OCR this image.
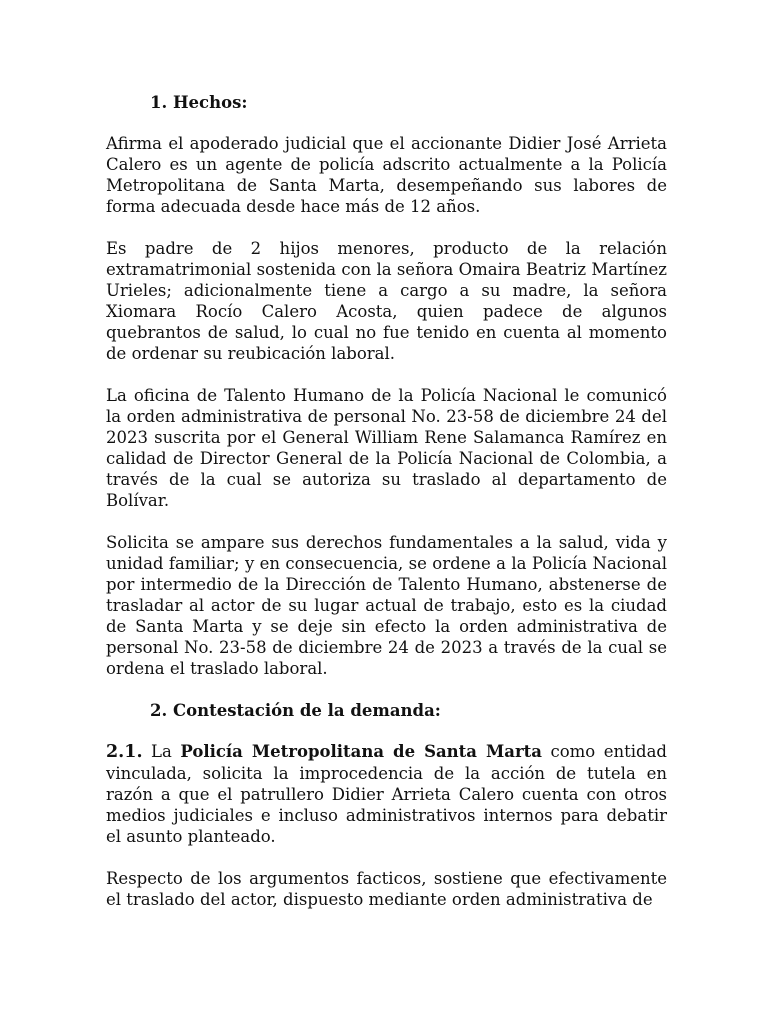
1. Hechos:
Afirma el apoderado judicial que el accionante Didier José Arrieta Calero es un agente de policía adscrito actualmente a la Policía Metropolitana de Santa Marta, desempeñando sus labores de forma adecuada desde hace más de 12 años.
Es padre de 2 hijos menores, producto de la relación extramatrimonial sostenida con la señora Omaira Beatriz Martínez Urieles; adicionalmente tiene a cargo a su madre, la señora Xiomara Rocío Calero Acosta, quien padece de algunos quebrantos de salud, lo cual no fue tenido en cuenta al momento de ordenar su reubicación laboral.
La oficina de Talento Humano de la Policía Nacional le comunicó la orden administrativa de personal No. 23-58 de diciembre 24 del 2023 suscrita por el General William Rene Salamanca Ramírez en calidad de Director General de la Policía Nacional de Colombia, a través de la cual se autoriza su traslado al departamento de Bolívar.
Solicita se ampare sus derechos fundamentales a la salud, vida y unidad familiar; y en consecuencia, se ordene a la Policía Nacional por intermedio de la Dirección de Talento Humano, abstenerse de trasladar al actor de su lugar actual de trabajo, esto es la ciudad de Santa Marta y se deje sin efecto la orden administrativa de personal No. 23-58 de diciembre 24 de 2023 a través de la cual se ordena el traslado laboral.
2. Contestación de la demanda:
2.1. La Policía Metropolitana de Santa Marta como entidad vinculada, solicita la improcedencia de la acción de tutela en razón a que el patrullero Didier Arrieta Calero cuenta con otros medios judiciales e incluso administrativos internos para debatir el asunto planteado.
Respecto de los argumentos facticos, sostiene que efectivamente el traslado del actor, dispuesto mediante orden administrativa de
